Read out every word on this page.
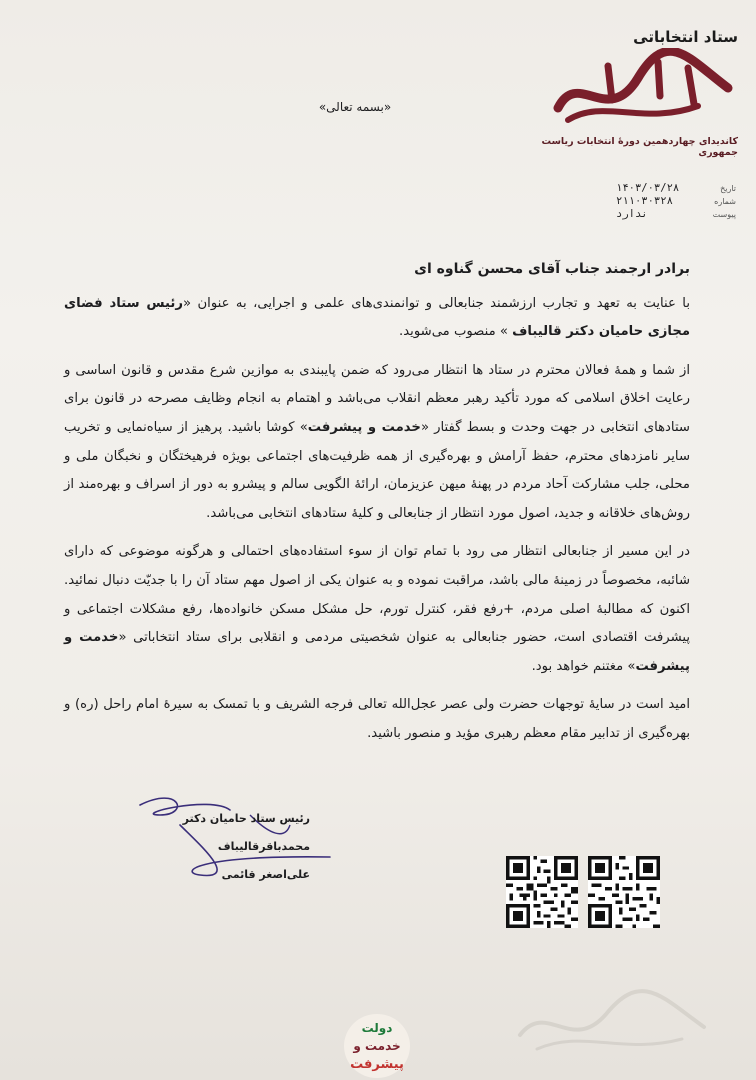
ستاد انتخاباتی
محمدباقر قالیباف
کاندیدای چهاردهمین دورهٔ انتخابات ریاست جمهوری
«بسمه تعالی»
تاریخ
۱۴۰۳/۰۳/۲۸
شماره
۲۱۱۰۳۰۳۲۸
پیوست
ندارد

برادر ارجمند جناب آقای محسن گناوه ای

با عنایت به تعهد و تجارب ارزشمند جنابعالی و توانمندی‌های علمی و اجرایی، به عنوان «رئیس ستاد فضای مجازی حامیان دکتر قالیباف » منصوب می‌شوید.

از شما و همهٔ فعالان محترم در ستاد ها انتظار می‌رود که ضمن پایبندی به موازین شرع مقدس و قانون اساسی و رعایت اخلاق اسلامی که مورد تأکید رهبر معظم انقلاب می‌باشد و اهتمام به انجام وظایف مصرحه در قانون برای ستادهای انتخابی در جهت وحدت و بسط گفتار «خدمت و پیشرفت» کوشا باشید. پرهیز از سیاه‌نمایی و تخریب سایر نامزدهای محترم، حفظ آرامش و بهره‌گیری از همه ظرفیت‌های اجتماعی بویژه فرهیختگان و نخبگان ملی و محلی، جلب مشارکت آحاد مردم در پهنهٔ میهن عزیزمان، ارائهٔ الگویی سالم و پیشرو به دور از اسراف و بهره‌مند از روش‌های خلاقانه و جدید، اصول مورد انتظار از جنابعالی و کلیهٔ ستادهای انتخابی می‌باشد.

در این مسیر از جنابعالی انتظار می رود با تمام توان از سوء استفاده‌های احتمالی و هرگونه موضوعی که دارای شائبه، مخصوصاً در زمینهٔ مالی باشد، مراقبت نموده و به عنوان یکی از اصول مهم ستاد آن را با جدیّت دنبال نمائید. اکنون که مطالبهٔ اصلی مردم، +رفع فقر، کنترل تورم، حل مشکل مسکن خانواده‌ها، رفع مشکلات اجتماعی و پیشرفت اقتصادی است، حضور جنابعالی به عنوان شخصیتی مردمی و انقلابی برای ستاد انتخاباتی «خدمت و پیشرفت» مغتنم خواهد بود.

امید است در سایهٔ توجهات حضرت ولی عصر عجل‌الله تعالی فرجه الشریف و با تمسک به سیرهٔ امام راحل (ره) و بهره‌گیری از تدابیر مقام معظم رهبری مؤید و منصور باشید.

رئیس ستاد حامیان دکتر محمدباقرقالیباف
علی‌اصغر قائمی
محمدباقر قالیباف
دولت
خدمت و
پیشرفت
